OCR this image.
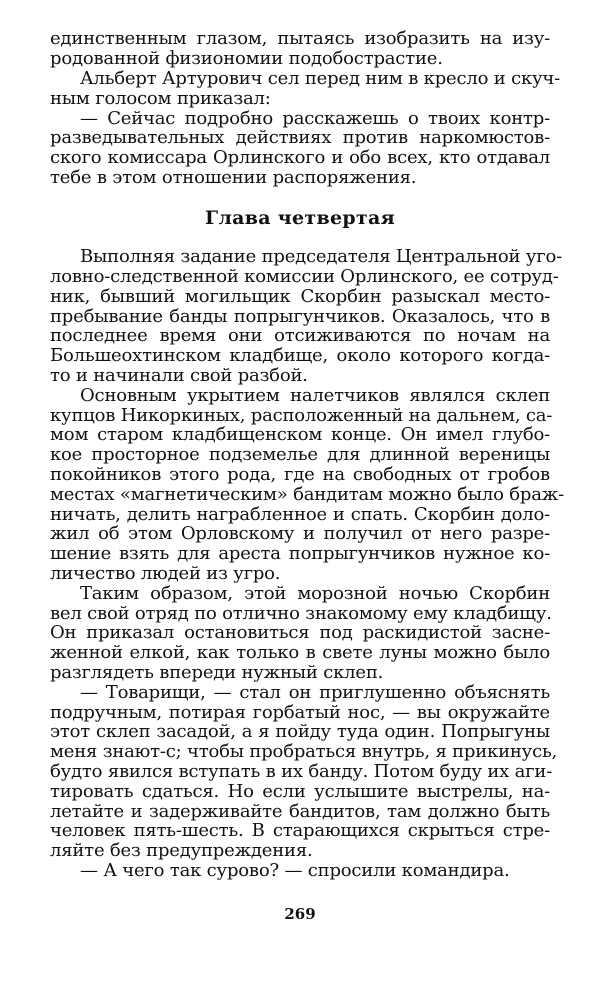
единственным глазом, пытаясь изобразить на изу-

родованной физиономии подобострастие.

Альберт Артурович сел перед ним в кресло и скуч-

ным голосом приказал:

— Сейчас подробно расскажешь о твоих контр-

разведывательных действиях против наркомюстов-

ского комиссара Орлинского и обо всех, кто отдавал

тебе в этом отношении распоряжения.

Глава четвертая

Выполняя задание председателя Центральной уго-

ловно-следственной комиссии Орлинского, ее сотруд-

ник, бывший могильщик Скорбин разыскал место-

пребывание банды попрыгунчиков. Оказалось, что в

последнее время они отсиживаются по ночам на

Большеохтинском кладбище, около которого когда-

то и начинали свой разбой.

Основным укрытием налетчиков являлся склеп

купцов Никоркиных, расположенный на дальнем, са-

мом старом кладбищенском конце. Он имел глубо-

кое просторное подземелье для длинной вереницы

покойников этого рода, где на свободных от гробов

местах «магнетическим» бандитам можно было браж-

ничать, делить награбленное и спать. Скорбин доло-

жил об этом Орловскому и получил от него разре-

шение взять для ареста попрыгунчиков нужное ко-

личество людей из угро.

Таким образом, этой морозной ночью Скорбин

вел свой отряд по отлично знакомому ему кладбищу.

Он приказал остановиться под раскидистой засне-

женной елкой, как только в свете луны можно было

разглядеть впереди нужный склеп.

— Товарищи, — стал он приглушенно объяснять

подручным, потирая горбатый нос, — вы окружайте

этот склеп засадой, а я пойду туда один. Попрыгуны

меня знают-с; чтобы пробраться внутрь, я прикинусь,

будто явился вступать в их банду. Потом буду их аги-

тировать сдаться. Но если услышите выстрелы, на-

летайте и задерживайте бандитов, там должно быть

человек пять-шесть. В старающихся скрыться стре-

ляйте без предупреждения.

— А чего так сурово? — спросили командира.

269
